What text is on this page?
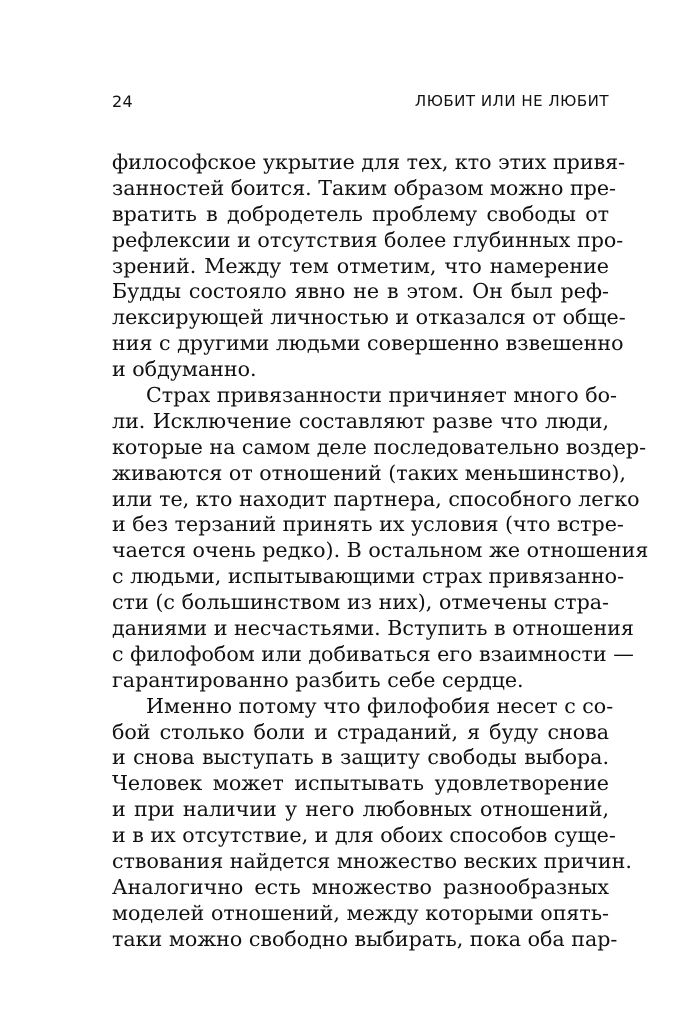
24	ЛЮБИТ ИЛИ НЕ ЛЮБИТ
философское укрытие для тех, кто этих привя-
занностей боится. Таким образом можно пре-
вратить в добродетель проблему свободы от
рефлексии и отсутствия более глубинных про-
зрений. Между тем отметим, что намерение
Будды состояло явно не в этом. Он был реф-
лексирующей личностью и отказался от обще-
ния с другими людьми совершенно взвешенно
и обдуманно.
Страх привязанности причиняет много бо-
ли. Исключение составляют разве что люди,
которые на самом деле последовательно воздер-
живаются от отношений (таких меньшинство),
или те, кто находит партнера, способного легко
и без терзаний принять их условия (что встре-
чается очень редко). В остальном же отношения
с людьми, испытывающими страх привязанно-
сти (с большинством из них), отмечены стра-
даниями и несчастьями. Вступить в отношения
с филофобом или добиваться его взаимности —
гарантированно разбить себе сердце.
Именно потому что филофобия несет с со-
бой столько боли и страданий, я буду снова
и снова выступать в защиту свободы выбора.
Человек может испытывать удовлетворение
и при наличии у него любовных отношений,
и в их отсутствие, и для обоих способов суще-
ствования найдется множество веских причин.
Аналогично есть множество разнообразных
моделей отношений, между которыми опять-
таки можно свободно выбирать, пока оба пар-
